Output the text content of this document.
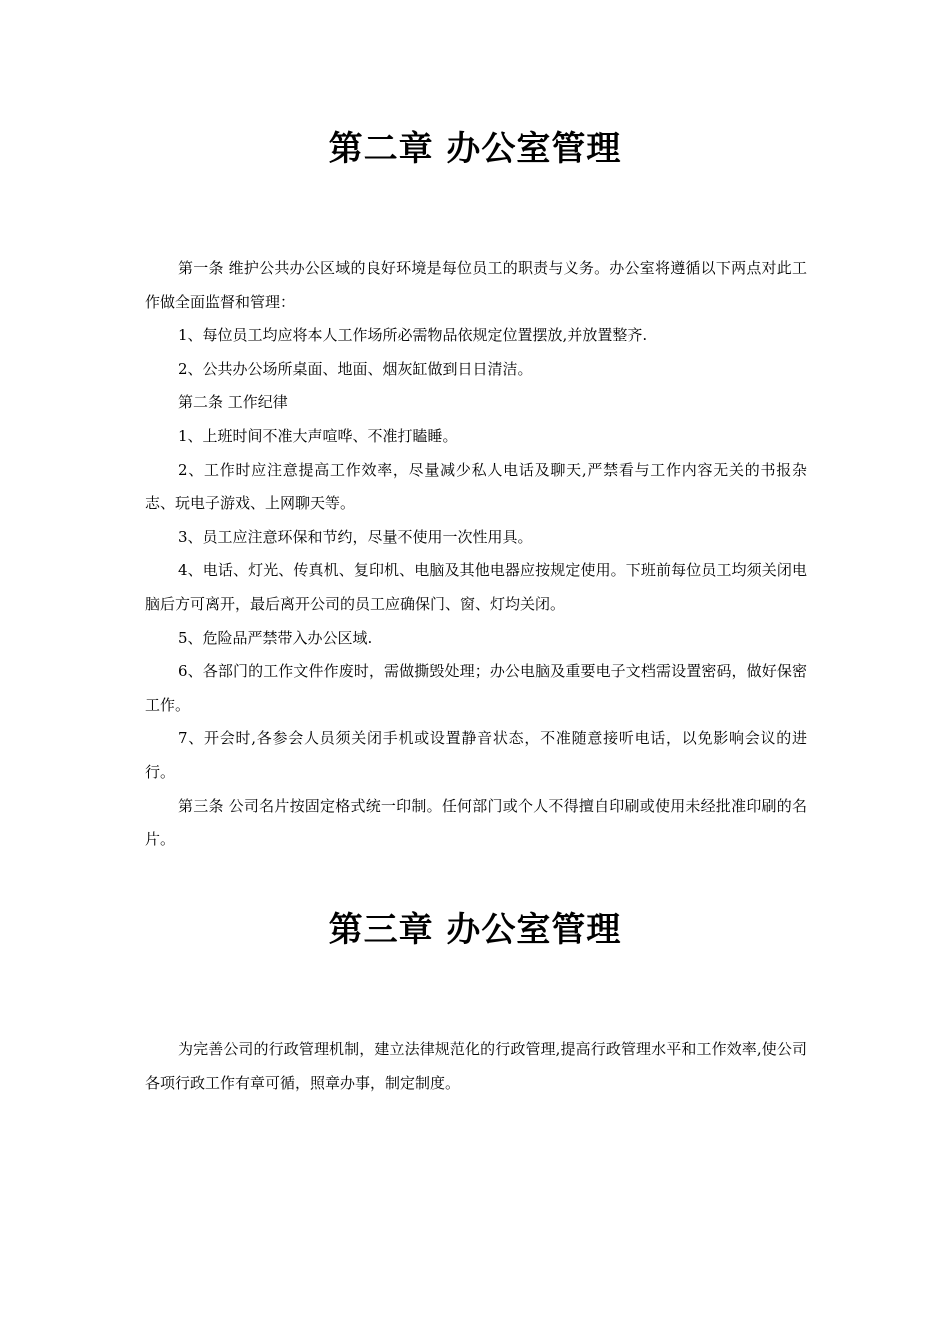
第二章 办公室管理

第一条 维护公共办公区域的良好环境是每位员工的职责与义务。办公室将遵循以下两点对此工作做全面监督和管理：

1、每位员工均应将本人工作场所必需物品依规定位置摆放,并放置整齐.

2、公共办公场所桌面、地面、烟灰缸做到日日清洁。

第二条 工作纪律

1、上班时间不准大声喧哗、不准打瞌睡。

2、工作时应注意提高工作效率，尽量减少私人电话及聊天,严禁看与工作内容无关的书报杂志、玩电子游戏、上网聊天等。

3、员工应注意环保和节约，尽量不使用一次性用具。

4、电话、灯光、传真机、复印机、电脑及其他电器应按规定使用。下班前每位员工均须关闭电脑后方可离开，最后离开公司的员工应确保门、窗、灯均关闭。

5、危险品严禁带入办公区域.

6、各部门的工作文件作废时，需做撕毁处理；办公电脑及重要电子文档需设置密码，做好保密工作。

7、开会时,各参会人员须关闭手机或设置静音状态，不准随意接听电话，以免影响会议的进行。

第三条 公司名片按固定格式统一印制。任何部门或个人不得擅自印刷或使用未经批准印刷的名片。

第三章 办公室管理

为完善公司的行政管理机制，建立法律规范化的行政管理,提高行政管理水平和工作效率,使公司各项行政工作有章可循，照章办事，制定制度。
